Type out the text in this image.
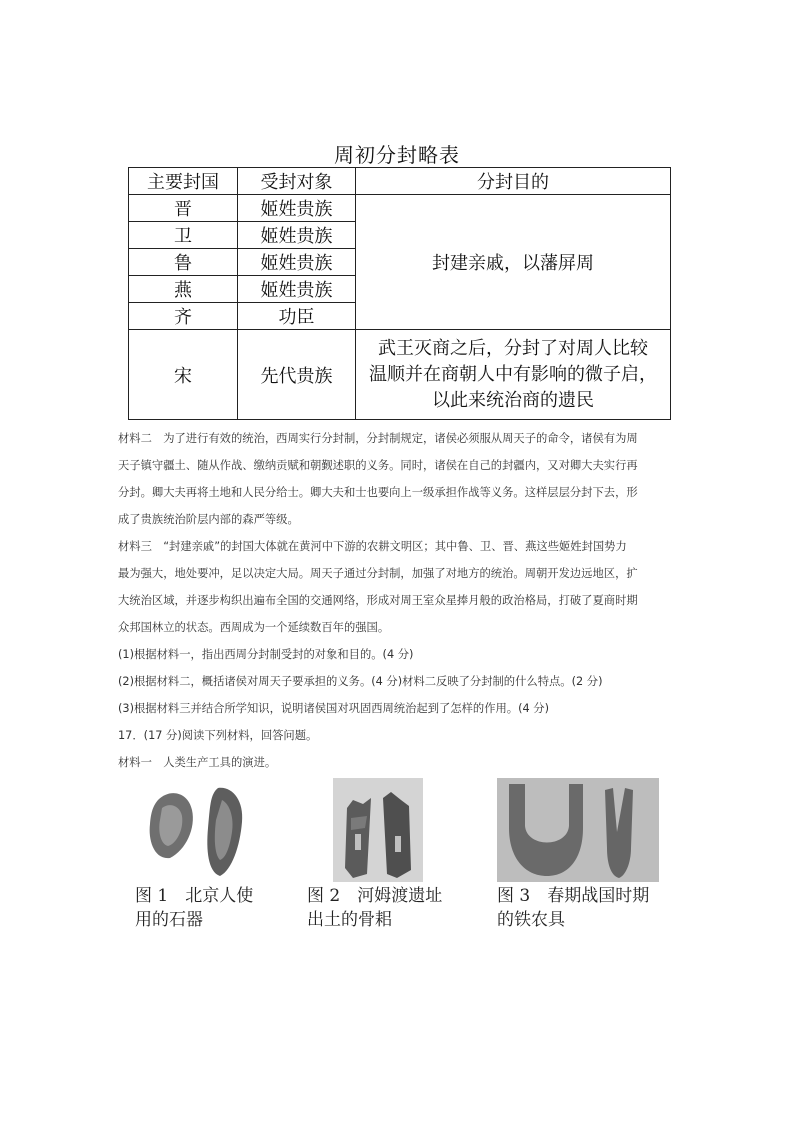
周初分封略表
主要封国	受封对象	分封目的
晋	姬姓贵族	封建亲戚，以藩屏周
卫	姬姓贵族	
鲁	姬姓贵族	
燕	姬姓贵族	
齐	功臣	
宋	先代贵族	武王灭商之后，分封了对周人比较
温顺并在商朝人中有影响的微子启，
以此来统治商的遗民
材料二　为了进行有效的统治，西周实行分封制，分封制规定，诸侯必须服从周天子的命令，诸侯有为周
天子镇守疆土、随从作战、缴纳贡赋和朝觐述职的义务。同时，诸侯在自己的封疆内，又对卿大夫实行再
分封。卿大夫再将土地和人民分给士。卿大夫和士也要向上一级承担作战等义务。这样层层分封下去，形
成了贵族统治阶层内部的森严等级。
材料三　“封建亲戚”的封国大体就在黄河中下游的农耕文明区；其中鲁、卫、晋、燕这些姬姓封国势力
最为强大，地处要冲，足以决定大局。周天子通过分封制，加强了对地方的统治。周朝开发边远地区，扩
大统治区域，并逐步构织出遍布全国的交通网络，形成对周王室众星捧月般的政治格局，打破了夏商时期
众邦国林立的状态。西周成为一个延续数百年的强国。
(1)根据材料一，指出西周分封制受封的对象和目的。(4 分)
(2)根据材料二，概括诸侯对周天子要承担的义务。(4 分)材料二反映了分封制的什么特点。(2 分)
(3)根据材料三并结合所学知识，说明诸侯国对巩固西周统治起到了怎样的作用。(4 分)
17．(17 分)阅读下列材料，回答问题。
材料一　人类生产工具的演进。
图 1　北京人使
用的石器
图 2　河姆渡遗址
出土的骨耜
图 3　春期战国时期
的铁农具
